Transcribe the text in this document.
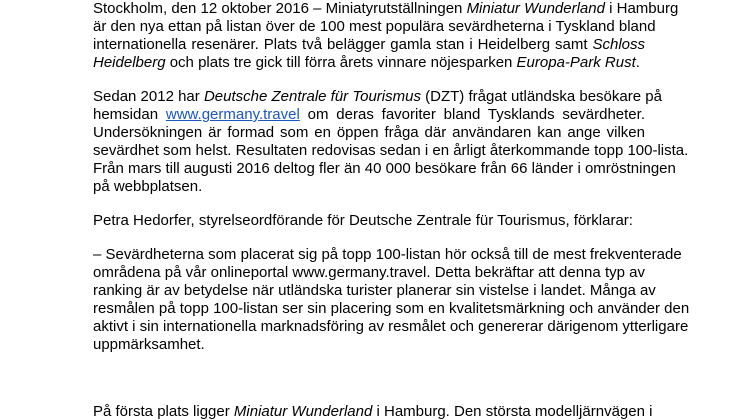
Stockholm, den 12 oktober 2016 – Miniatyrutställningen Miniatur Wunderland i Hamburg
är den nya ettan på listan över de 100 mest populära sevärdheterna i Tyskland bland
internationella resenärer. Plats två belägger gamla stan i Heidelberg samt Schloss
Heidelberg och plats tre gick till förra årets vinnare nöjesparken Europa-Park Rust.
Sedan 2012 har Deutsche Zentrale für Tourismus (DZT) frågat utländska besökare på
hemsidan www.germany.travel om deras favoriter bland Tysklands sevärdheter.
Undersökningen är formad som en öppen fråga där användaren kan ange vilken
sevärdhet som helst. Resultaten redovisas sedan i en årligt återkommande topp 100-lista.
Från mars till augusti 2016 deltog fler än 40 000 besökare från 66 länder i omröstningen
på webbplatsen.
Petra Hedorfer, styrelseordförande för Deutsche Zentrale für Tourismus, förklarar:
– Sevärdheterna som placerat sig på topp 100-listan hör också till de mest frekventerade
områdena på vår onlineportal www.germany.travel. Detta bekräftar att denna typ av
ranking är av betydelse när utländska turister planerar sin vistelse i landet. Många av
resmålen på topp 100-listan ser sin placering som en kvalitetsmärkning och använder den
aktivt i sin internationella marknadsföring av resmålet och genererar därigenom ytterligare
uppmärksamhet.
På första plats ligger Miniatur Wunderland i Hamburg. Den största modelljärnvägen i
